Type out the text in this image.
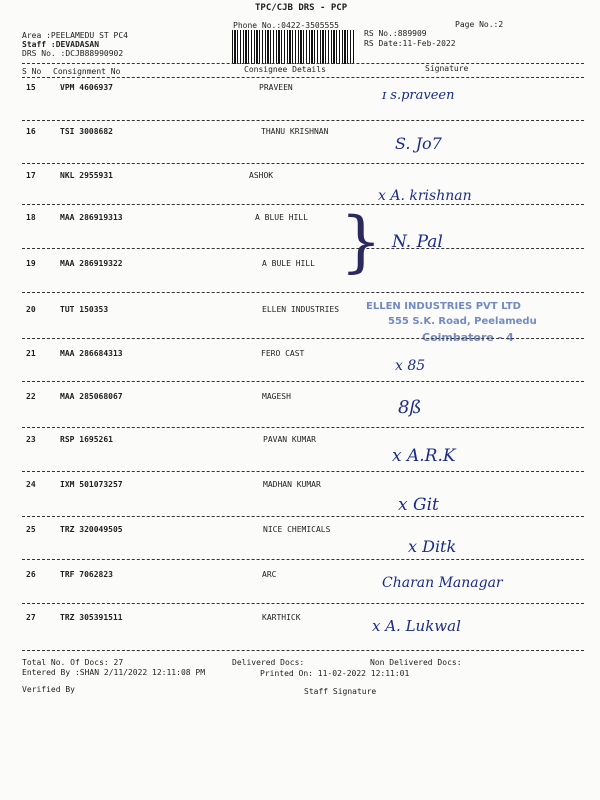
TPC/CJB DRS - PCP
Phone No.:0422-3505555
Area :PEELAMEDU ST PC4
Staff :DEVADASAN
DRS No. :DCJB88990902
RS No.:889909
RS Date:11-Feb-2022
Page No.:2
S No Consignment No	Consignee Details	Signature
15	VPM 4606937	PRAVEEN
ɪ s.praveen
16	TSI 3008682	THANU KRISHNAN
S. Jo7
17	NKL 2955931	ASHOK
x A. krishnan
18	MAA 286919313	A BLUE HILL } N. Pal
19	MAA 286919322	A BULE HILL
20	TUT 150353	ELLEN INDUSTRIES	ELLEN INDUSTRIES PVT LTD
555 S.K. Road, Peelamedu
Coimbatore - 4
21	MAA 286684313	FERO CAST
x 85
22	MAA 285068067	MAGESH
8ß
23	RSP 1695261	PAVAN KUMAR
x A.R.K
24	IXM 501073257	MADHAN KUMAR
x Git
25	TRZ 320049505	NICE CHEMICALS
x Ditk
26	TRF 7062823	ARC
Charan Managar
27	TRZ 305391511	KARTHICK	x A. Lukwal
Total No. Of Docs: 27	Delivered Docs:	Non Delivered Docs:
Entered By :SHAN 2/11/2022 12:11:08 PM	Printed On: 11-02-2022 12:11:01
Verified By	Staff Signature
